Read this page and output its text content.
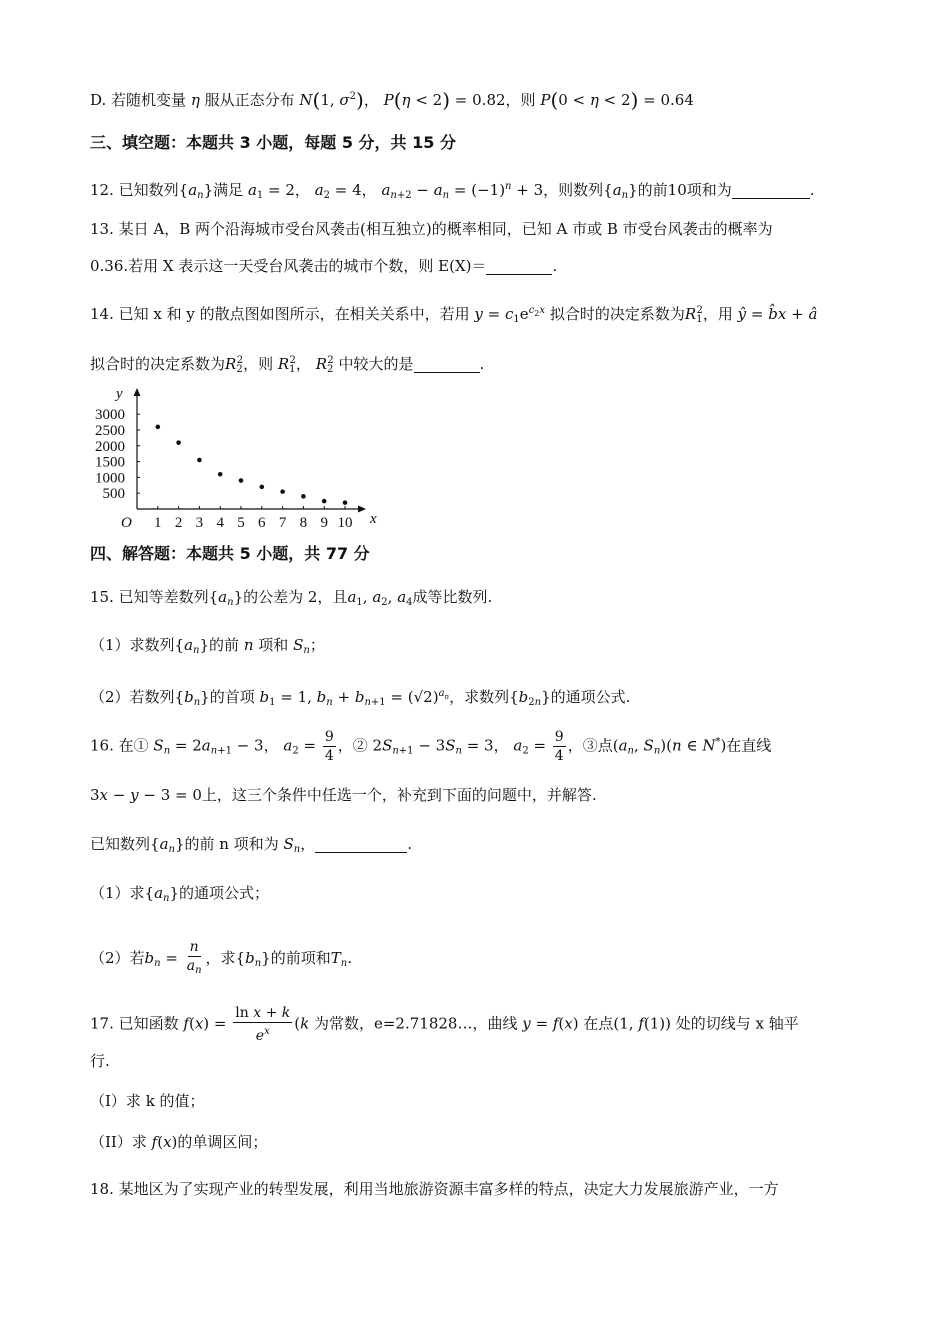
D. 若随机变量 η 服从正态分布 N(1, $\sigma^2$)， P(η < 2) = 0.82，则 P(0 < η < 2) = 0.64
三、填空题：本题共 3 小题，每题 5 分，共 15 分
12. 已知数列$\{a_n\}$满足 $a_1 = 2$， $a_2 = 4$， $a_{n+2} - a_n = (-1)^n + 3$，则数列$\{a_n\}$的前10项和为	.
13. 某日 A，B 两个沿海城市受台风袭击(相互独立)的概率相同，已知 A 市或 B 市受台风袭击的概率为
0.36.若用 X 表示这一天受台风袭击的城市个数，则 E(X)＝	.
14. 已知 x 和 y 的散点图如图所示，在相关关系中，若用 $y = c_1e^{c_2x}$ 拟合时的决定系数为$R_1^2$，用 ŷ = b̂x + â
拟合时的决定系数为$R_2^2$，则 $R_1^2$， $R_2^2$ 中较大的是	.
x
y
O 1 2 3 4 5 6 7 8 9 10
500
1000
1500
2000
2500
3000
四、解答题：本题共 5 小题，共 77 分
15. 已知等差数列$\{a_n\}$的公差为 2，且$a_1$, $a_2$, $a_4$成等比数列.
（1）求数列$\{a_n\}$的前 n 项和 $S_n$；
（2）若数列$\{b_n\}$的首项 $b_1 = 1$, $b_n + b_{n+1} = (√2)^{a_n}$，求数列$\{b_{2n}\}$的通项公式.
16. 在① $S_n = 2a_{n+1} - 3$， $a_2 = \frac{9}{4}$ ，② $2S_{n+1} - 3S_n = 3$， $a_2 = \frac{9}{4}$ ，③点($a_n$, $S_n)(n$ ∈ N*)在直线
3x − y − 3 = 0上，这三个条件中任选一个，补充到下面的问题中，并解答.
已知数列$\{a_n\}$的前 n 项和为 $S_n$，	.
（1）求$\{a_n\}$的通项公式；
（2）若$b_n = \frac{n}{a_n}$ ，求$\{b_n\}$的前项和$T_n$.
17. 已知函数 $f(x) = \frac{\text{ln x + k}}{e^x} (k$ 为常数，e=2.71828…，曲线 y = f(x) 在点(1, f(1)) 处的切线与 x 轴平
行.
（I）求 k 的值；
（II）求 f(x)的单调区间；
18. 某地区为了实现产业的转型发展，利用当地旅游资源丰富多样的特点，决定大力发展旅游产业，一方
